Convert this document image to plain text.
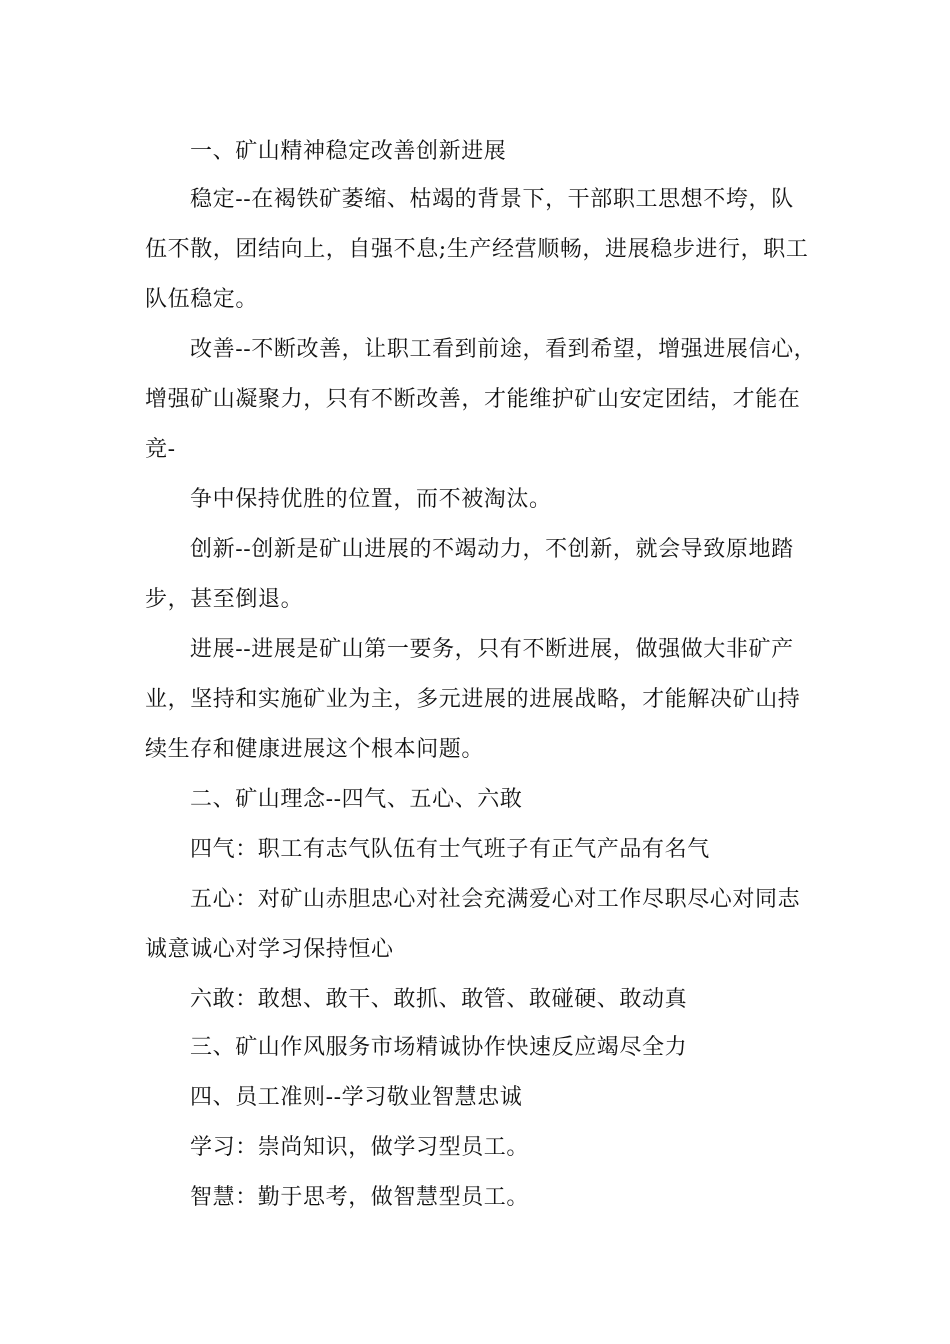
一、矿山精神稳定改善创新进展
稳定--在褐铁矿萎缩、枯竭的背景下，干部职工思想不垮，队
伍不散，团结向上，自强不息;生产经营顺畅，进展稳步进行，职工
队伍稳定。
改善--不断改善，让职工看到前途，看到希望，增强进展信心，
增强矿山凝聚力，只有不断改善，才能维护矿山安定团结，才能在
竞-
争中保持优胜的位置，而不被淘汰。
创新--创新是矿山进展的不竭动力，不创新，就会导致原地踏
步，甚至倒退。
进展--进展是矿山第一要务，只有不断进展，做强做大非矿产
业，坚持和实施矿业为主，多元进展的进展战略，才能解决矿山持
续生存和健康进展这个根本问题。
二、矿山理念--四气、五心、六敢
四气：职工有志气队伍有士气班子有正气产品有名气
五心：对矿山赤胆忠心对社会充满爱心对工作尽职尽心对同志
诚意诚心对学习保持恒心
六敢：敢想、敢干、敢抓、敢管、敢碰硬、敢动真
三、矿山作风服务市场精诚协作快速反应竭尽全力
四、员工准则--学习敬业智慧忠诚
学习：崇尚知识，做学习型员工。
智慧：勤于思考，做智慧型员工。
